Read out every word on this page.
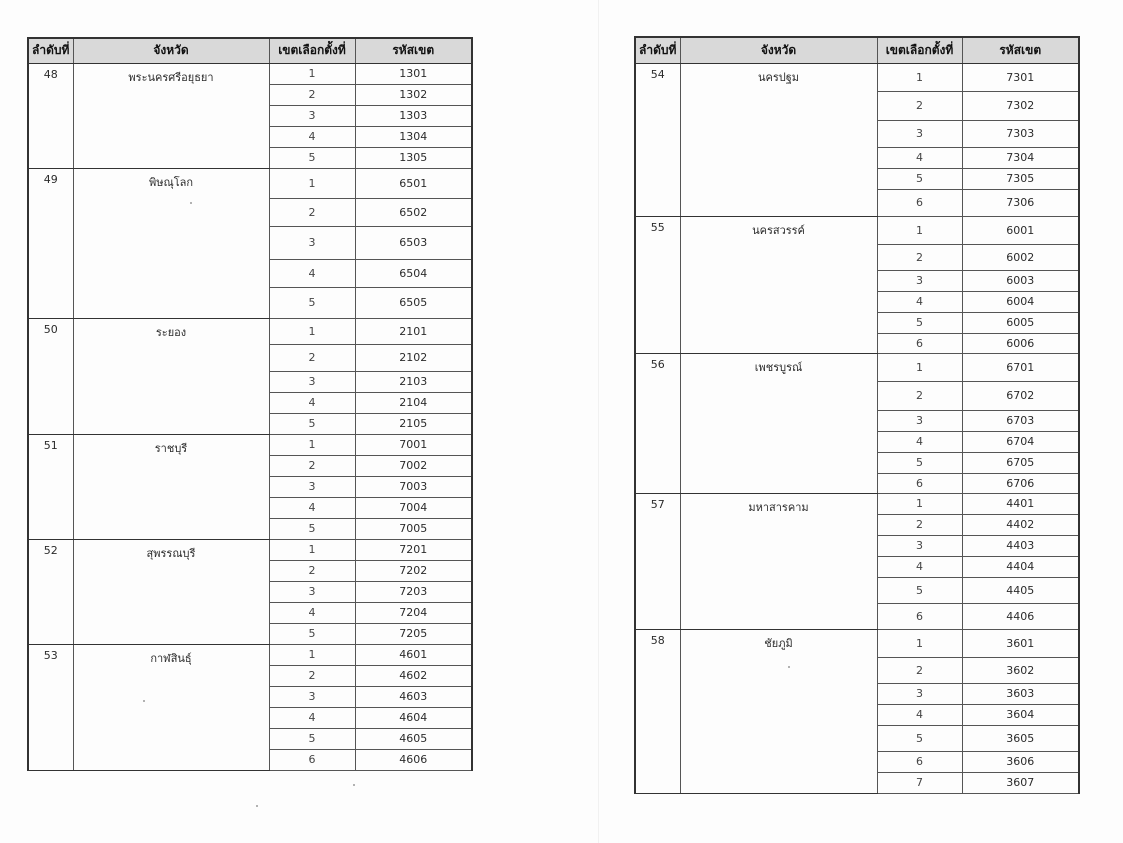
ลำดับที่	จังหวัด	เขตเลือกตั้งที่	รหัสเขต
48	พระนครศรีอยุธยา	1	1301
		2	1302
		3	1303
		4	1304
		5	1305
49	พิษณุโลก	1	6501
		2	6502
		3	6503
		4	6504
		5	6505
50	ระยอง	1	2101
		2	2102
		3	2103
		4	2104
		5	2105
51	ราชบุรี	1	7001
		2	7002
		3	7003
		4	7004
		5	7005
52	สุพรรณบุรี	1	7201
		2	7202
		3	7203
		4	7204
		5	7205
53	กาฬสินธุ์	1	4601
		2	4602
		3	4603
		4	4604
		5	4605
		6	4606
ลำดับที่	จังหวัด	เขตเลือกตั้งที่	รหัสเขต
54	นครปฐม	1	7301
		2	7302
		3	7303
		4	7304
		5	7305
		6	7306
55	นครสวรรค์	1	6001
		2	6002
		3	6003
		4	6004
		5	6005
		6	6006
56	เพชรบูรณ์	1	6701
		2	6702
		3	6703
		4	6704
		5	6705
		6	6706
57	มหาสารคาม	1	4401
		2	4402
		3	4403
		4	4404
		5	4405
		6	4406
58	ชัยภูมิ	1	3601
		2	3602
		3	3603
		4	3604
		5	3605
		6	3606
		7	3607
